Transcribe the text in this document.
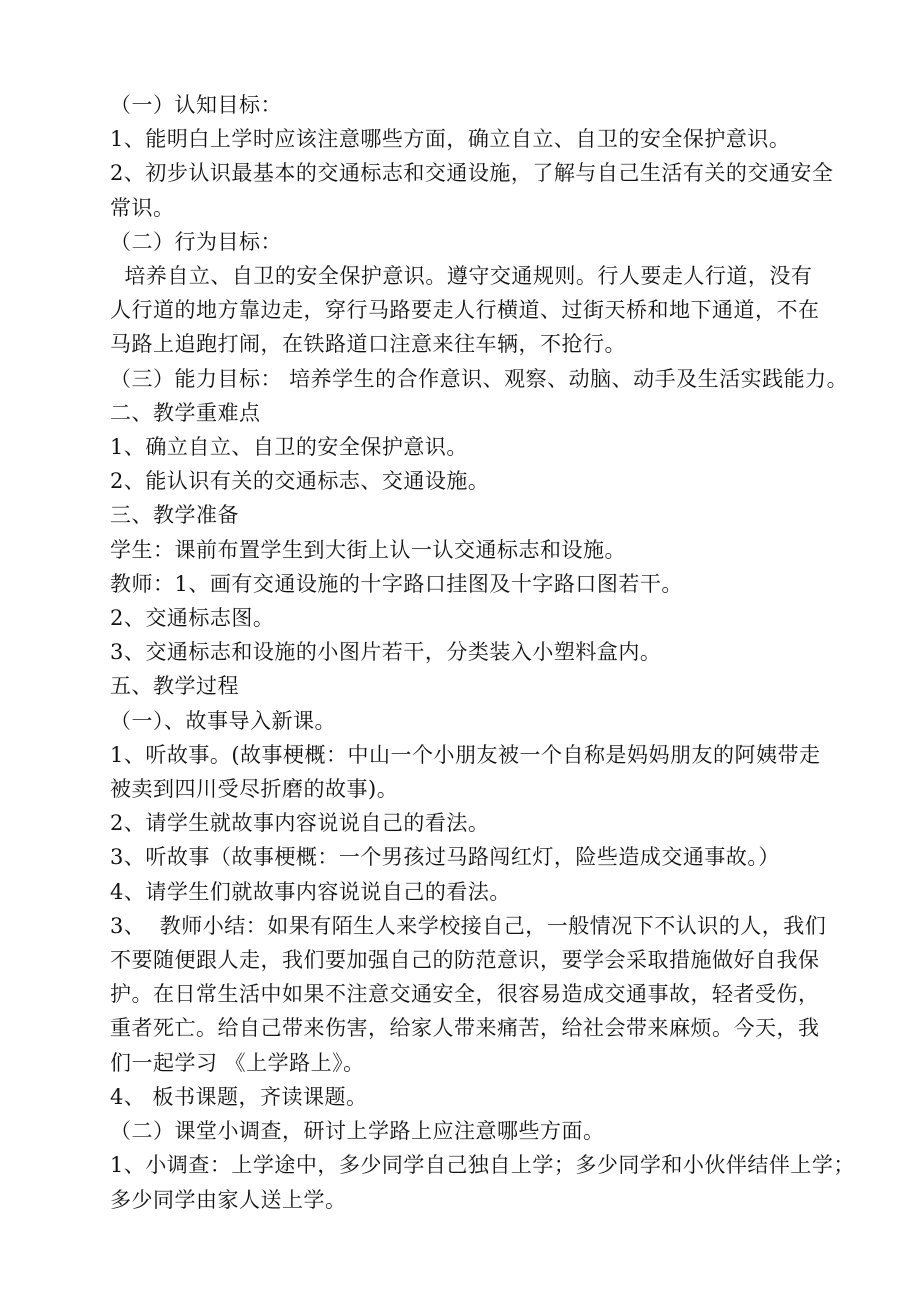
（一）认知目标：

1、能明白上学时应该注意哪些方面，确立自立、自卫的安全保护意识。

2、初步认识最基本的交通标志和交通设施，了解与自己生活有关的交通安全

常识。

（二）行为目标：

培养自立、自卫的安全保护意识。遵守交通规则。行人要走人行道，没有

人行道的地方靠边走，穿行马路要走人行横道、过街天桥和地下通道，不在

马路上追跑打闹，在铁路道口注意来往车辆，不抢行。

（三）能力目标： 培养学生的合作意识、观察、动脑、动手及生活实践能力。

二、教学重难点

1、确立自立、自卫的安全保护意识。

2、能认识有关的交通标志、交通设施。

三、教学准备

学生：课前布置学生到大街上认一认交通标志和设施。

教师：1、画有交通设施的十字路口挂图及十字路口图若干。

2、交通标志图。

3、交通标志和设施的小图片若干，分类装入小塑料盒内。

五、教学过程

（一）、故事导入新课。

1、听故事。(故事梗概：中山一个小朋友被一个自称是妈妈朋友的阿姨带走

被卖到四川受尽折磨的故事)。

2、请学生就故事内容说说自己的看法。

3、听故事（故事梗概：一个男孩过马路闯红灯，险些造成交通事故。）

4、请学生们就故事内容说说自己的看法。

3、  教师小结：如果有陌生人来学校接自己，一般情况下不认识的人，我们

不要随便跟人走，我们要加强自己的防范意识，要学会采取措施做好自我保

护。在日常生活中如果不注意交通安全，很容易造成交通事故，轻者受伤，

重者死亡。给自己带来伤害，给家人带来痛苦，给社会带来麻烦。今天，我

们一起学习 《上学路上》。

4、 板书课题，齐读课题。

（二）课堂小调查，研讨上学路上应注意哪些方面。

1、小调查：上学途中，多少同学自己独自上学；多少同学和小伙伴结伴上学；

多少同学由家人送上学。
